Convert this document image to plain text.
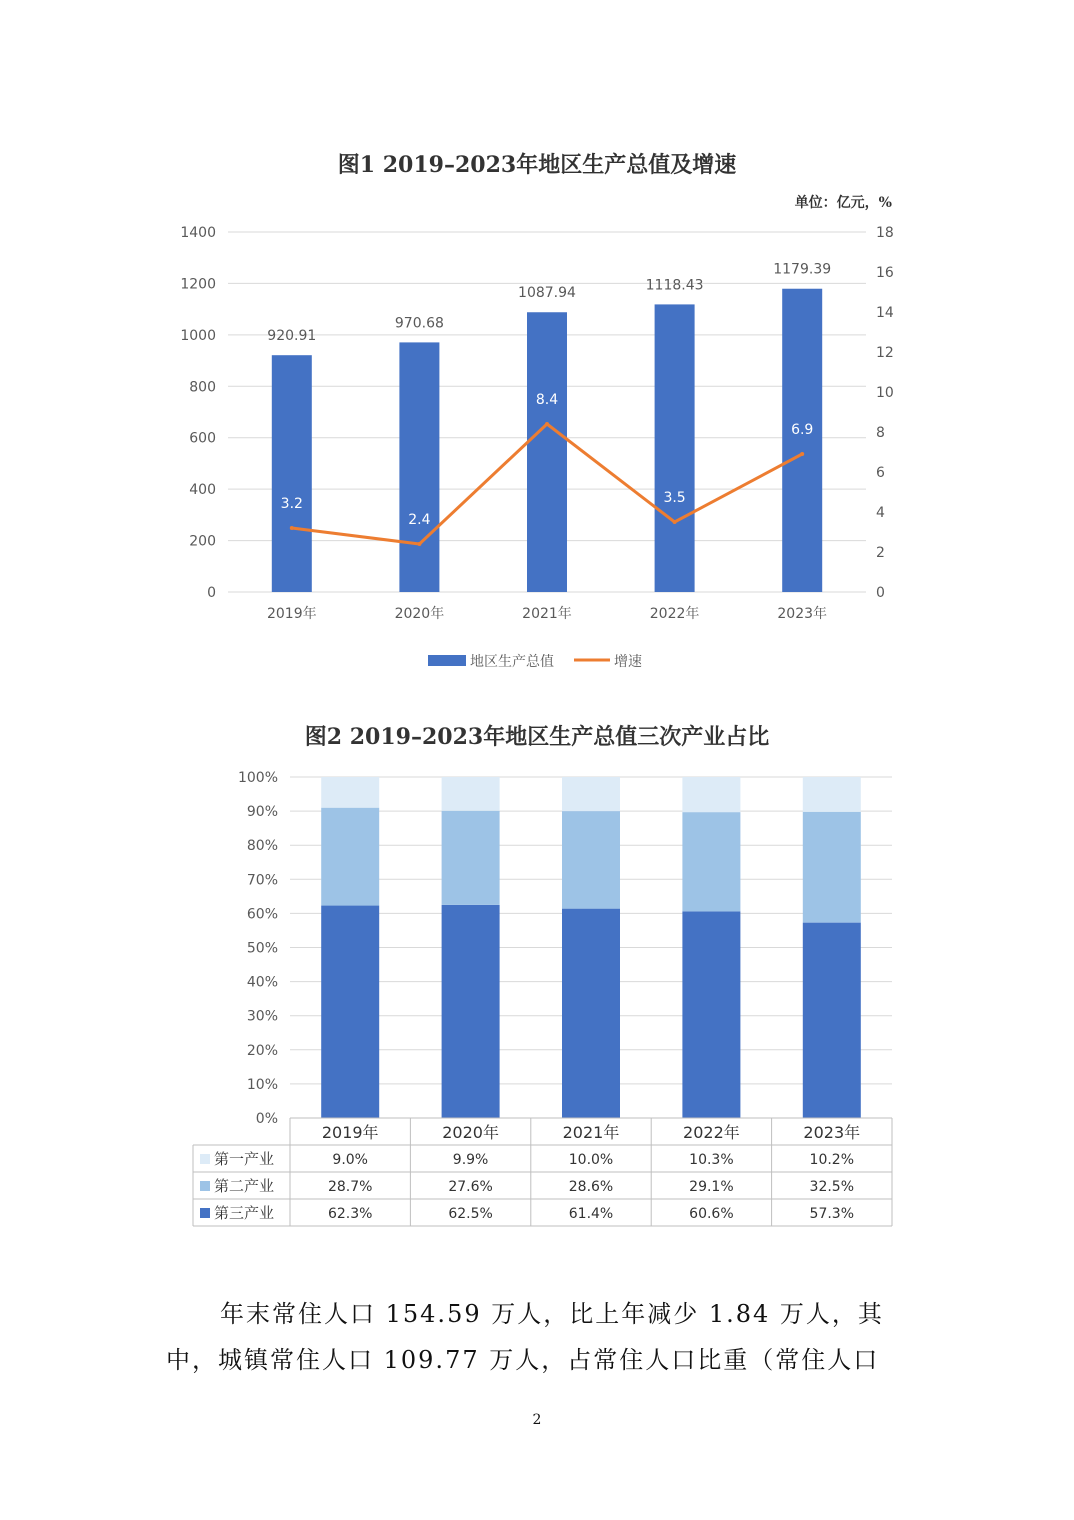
图1 2019–2023年地区生产总值及增速
单位：亿元，%
0
200
400
600
800
1000
1200
1400
0
2
4
6
8
10
12
14
16
18
920.91
970.68
1087.94	1118.43
1179.39
3.2
2.4
8.4
3.5
6.9
2019年	2020年	2021年	2022年	2023年
地区生产总值	增速
图2 2019–2023年地区生产总值三次产业占比
0%
10%
20%
30%
40%
50%
60%
70%
80%
90%
100%
2019年	2020年	2021年	2022年	2023年
第一产业	9.0%	9.9%	10.0%	10.3%	10.2%
第二产业	28.7%	27.6%	28.6%	29.1%	32.5%
第三产业	62.3%	62.5%	61.4%	60.6%	57.3%
年末常住人口 154.59 万人，比上年减少 1.84 万人，其
中，城镇常住人口 109.77 万人，占常住人口比重（常住人口
2
